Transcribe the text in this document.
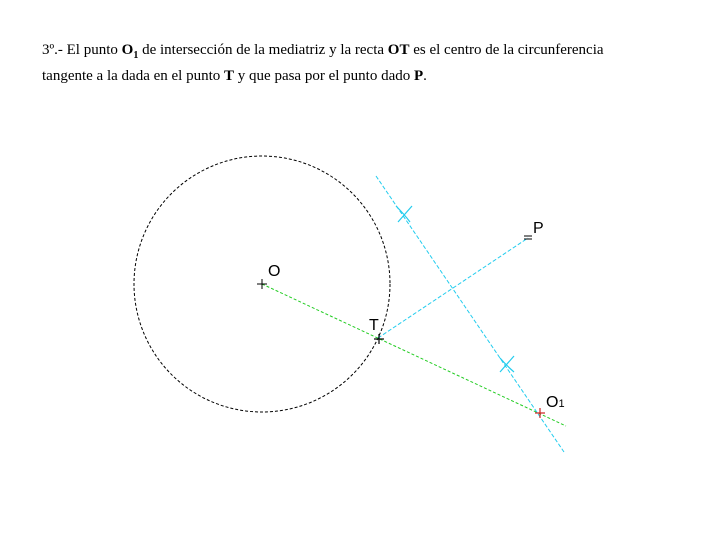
3º.- El punto $O_1$ de intersección de la mediatriz y la recta OT es el centro de la circunferencia
tangente a la dada en el punto T y que pasa por el punto dado P.
O
T
P
O1
